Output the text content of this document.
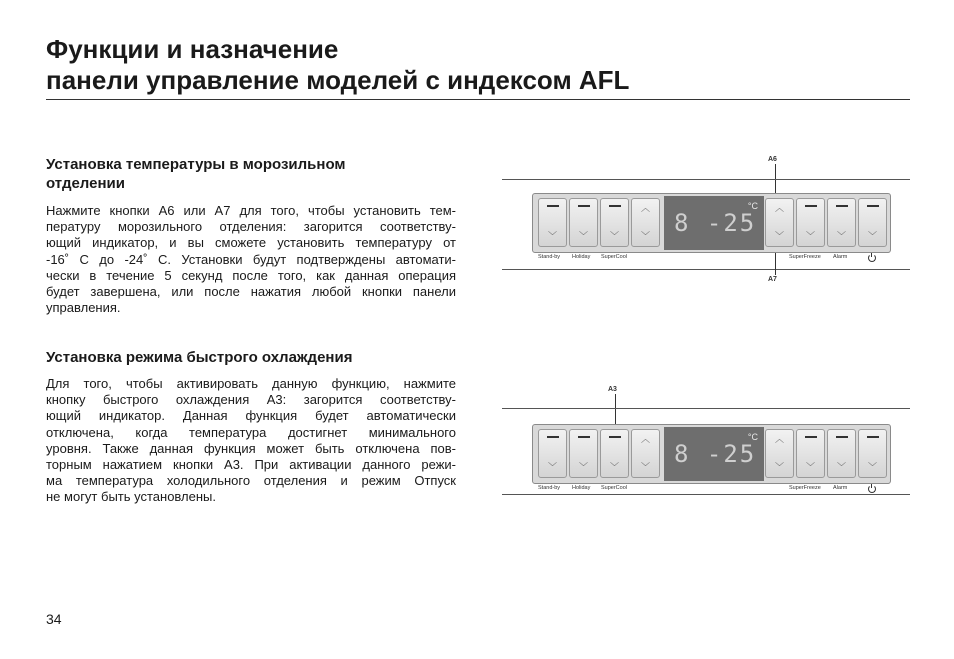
Функции и назначение
панели управление моделей с индексом AFL
Установка температуры в морозильном
отделении

Нажмите кнопки А6 или А7 для того, чтобы установить тем-
пературу морозильного отделения: загорится соответству-
ющий индикатор, и вы сможете установить температуру от
-16˚ С до -24˚ С. Установки будут подтверждены автомати-
чески в течение 5 секунд после того, как данная операция
будет завершена, или после нажатия любой кнопки панели
управления.

Установка режима быстрого охлаждения

Для того, чтобы активировать данную функцию, нажмите
кнопку быстрого охлаждения А3: загорится соответству-
ющий индикатор. Данная функция будет автоматически
отключена, когда температура достигнет минимального
уровня. Также данная функция может быть отключена пов-
торным нажатием кнопки А3. При активации данного режи-
ма температура холодильного отделения и режим Отпуск
не могут быть установлены.

A6
A7
﹀	﹀	﹀
︿
﹀	8 -25
°C	︿
﹀	﹀	﹀	﹀
Stand-by Holiday SuperCool	SuperFreeze Alarm
A3
﹀	﹀	﹀
︿
﹀	8 -25
°C	︿
﹀	﹀	﹀	﹀
Stand-by Holiday SuperCool	SuperFreeze Alarm
34
